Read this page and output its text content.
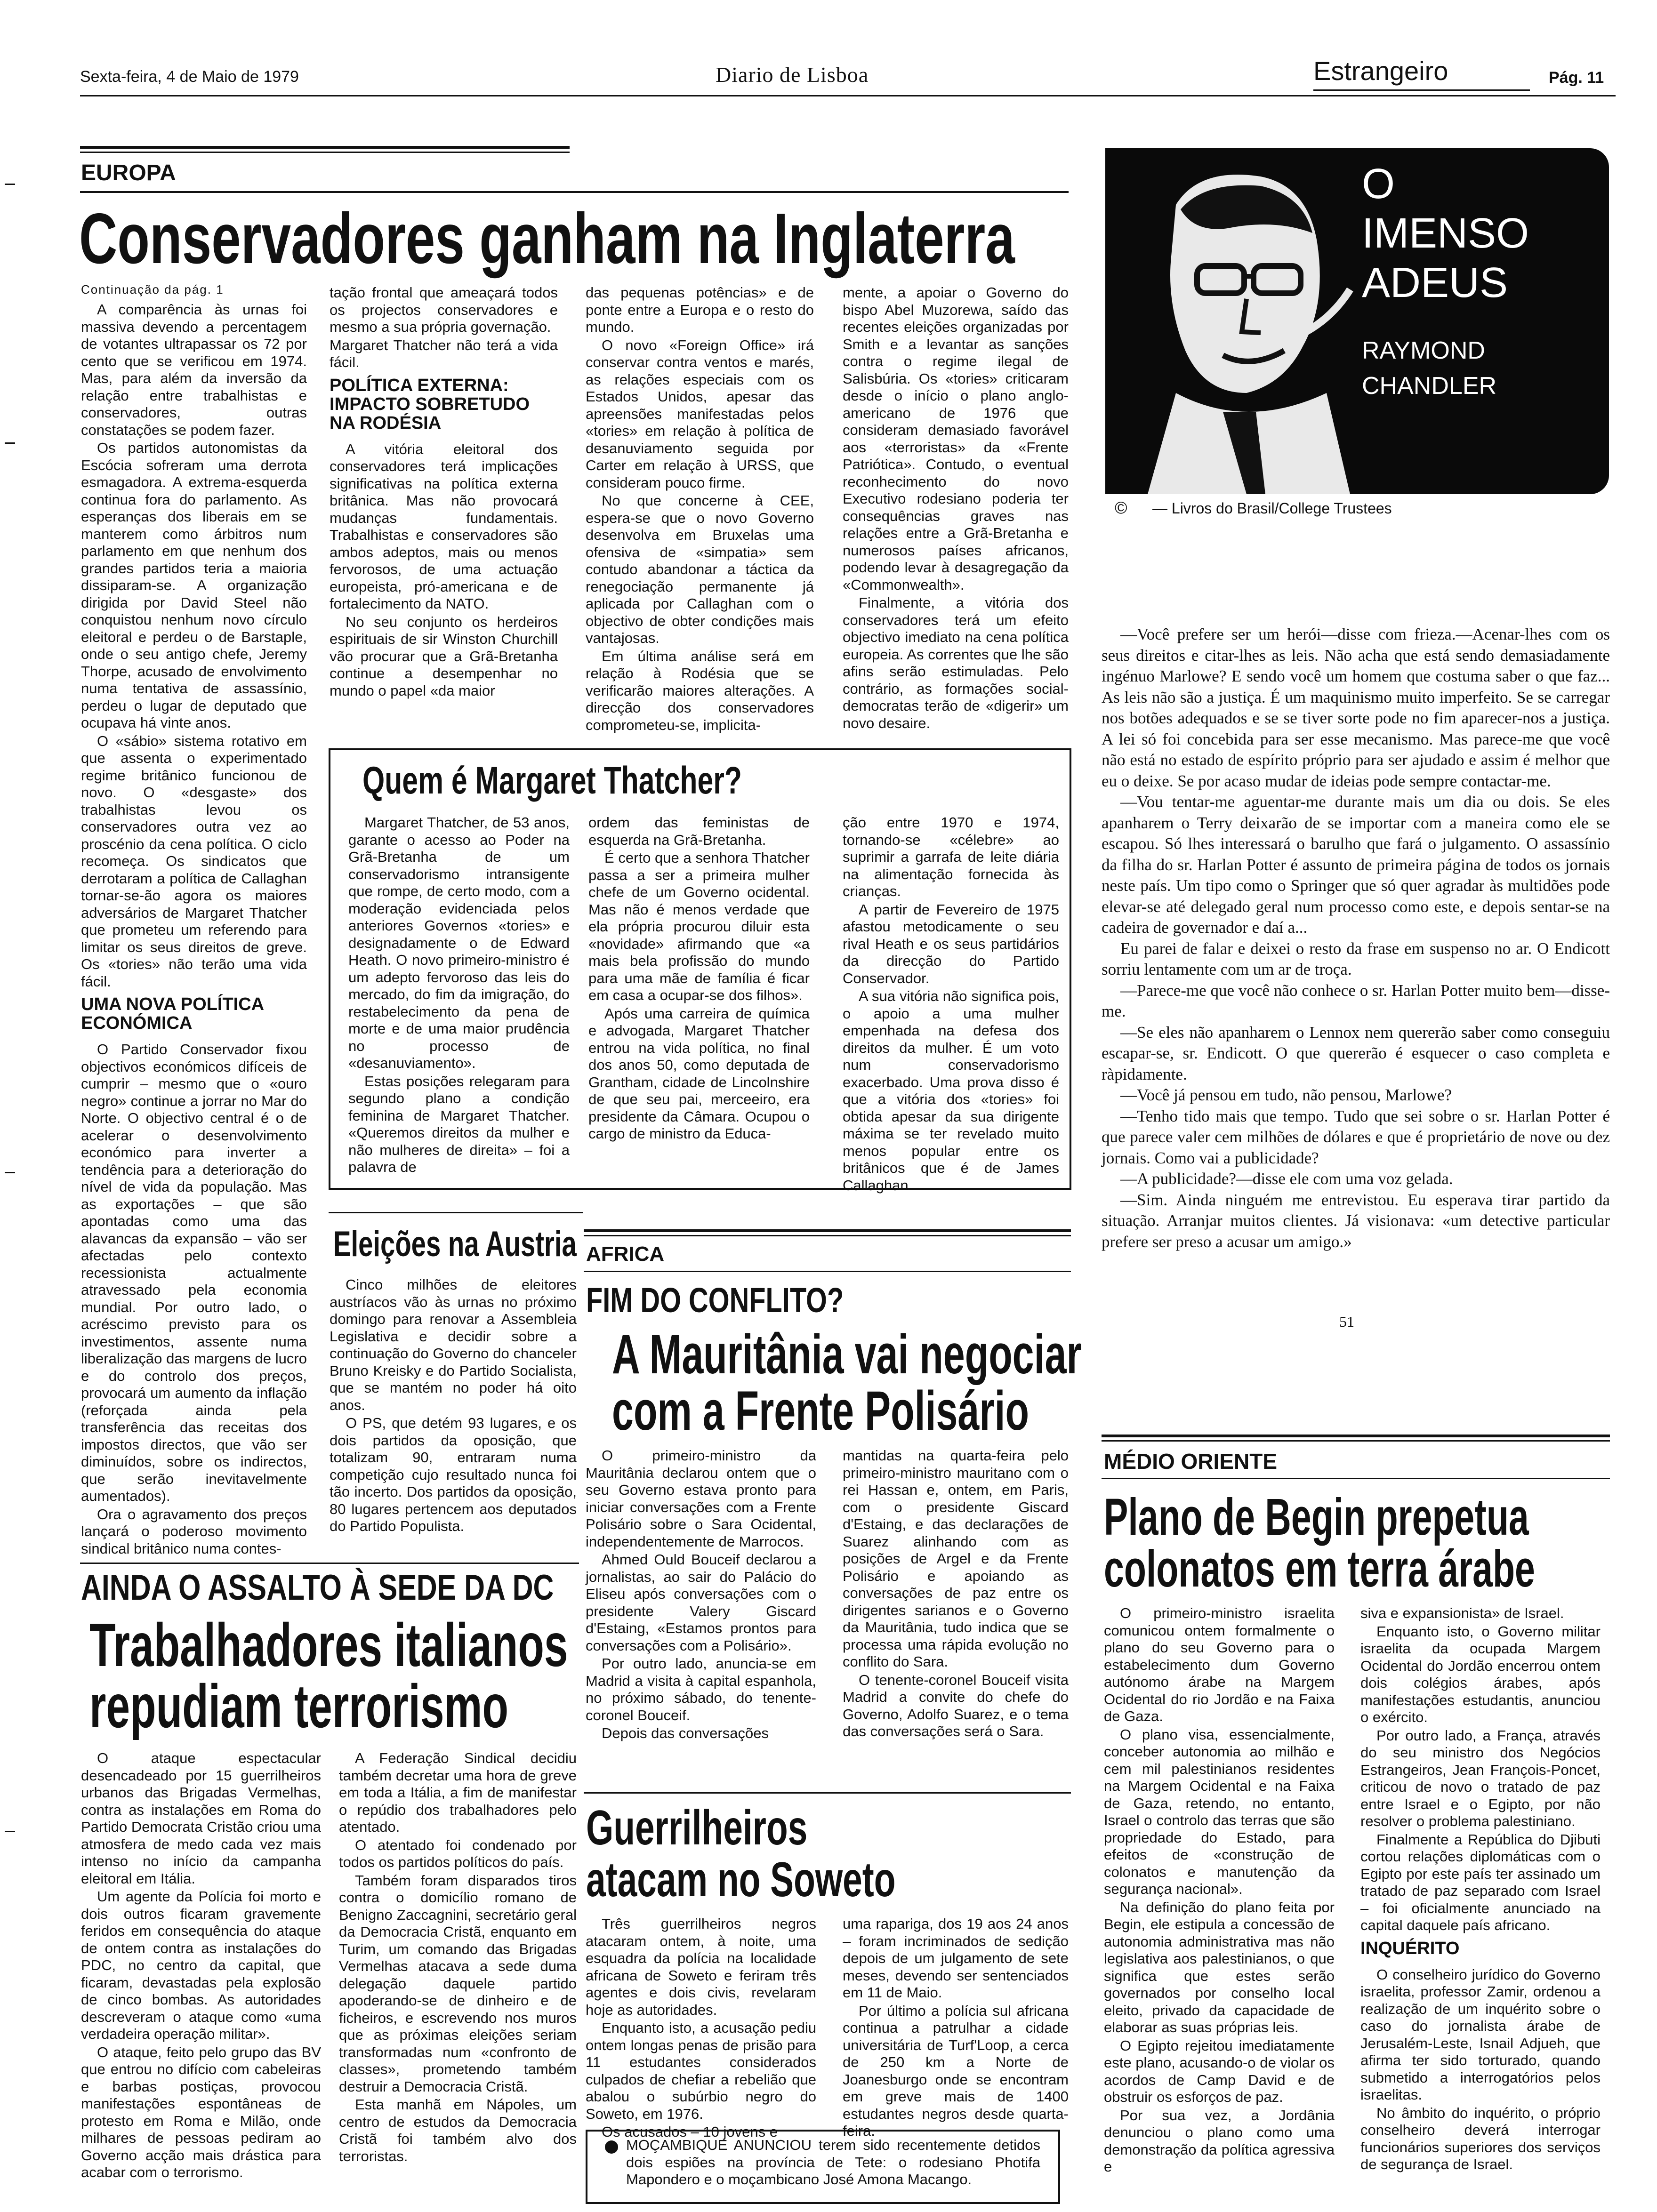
Sexta-feira, 4 de Maio de 1979	Diario de Lisboa	Estrangeiro	Pág. 11
EUROPA
Conservadores ganham na Inglaterra
Continuação da pág. 1

A comparência às urnas foi massiva devendo a percentagem de votantes ultrapassar os 72 por cento que se verificou em 1974. Mas, para além da inversão da relação entre trabalhistas e conservadores, outras constatações se podem fazer.

Os partidos autonomistas da Escócia sofreram uma derrota esmagadora. A extrema-esquerda continua fora do parlamento. As esperanças dos liberais em se manterem como árbitros num parlamento em que nenhum dos grandes partidos teria a maioria dissiparam-se. A organização dirigida por David Steel não conquistou nenhum novo círculo eleitoral e perdeu o de Barstaple, onde o seu antigo chefe, Jeremy Thorpe, acusado de envolvimento numa tentativa de assassínio, perdeu o lugar de deputado que ocupava há vinte anos.

O «sábio» sistema rotativo em que assenta o experimentado regime britânico funcionou de novo. O «desgaste» dos trabalhistas levou os conservadores outra vez ao proscénio da cena política. O ciclo recomeça. Os sindicatos que derrotaram a política de Callaghan tornar-se-ão agora os maiores adversários de Margaret Thatcher que prometeu um referendo para limitar os seus direitos de greve. Os «tories» não terão uma vida fácil.

UMA NOVA POLÍTICA ECONÓMICA

O Partido Conservador fixou objectivos económicos difíceis de cumprir – mesmo que o «ouro negro» continue a jorrar no Mar do Norte. O objectivo central é o de acelerar o desenvolvimento económico para inverter a tendência para a deterioração do nível de vida da população. Mas as exportações – que são apontadas como uma das alavancas da expansão – vão ser afectadas pelo contexto recessionista actualmente atravessado pela economia mundial. Por outro lado, o acréscimo previsto para os investimentos, assente numa liberalização das margens de lucro e do controlo dos preços, provocará um aumento da inflação (reforçada ainda pela transferência das receitas dos impostos directos, que vão ser diminuídos, sobre os indirectos, que serão inevitavelmente aumentados).

Ora o agravamento dos preços lançará o poderoso movimento sindical britânico numa contes-

tação frontal que ameaçará todos os projectos conservadores e mesmo a sua própria governação.

Margaret Thatcher não terá a vida fácil.

POLÍTICA EXTERNA: IMPACTO SOBRETUDO NA RODÉSIA

A vitória eleitoral dos conservadores terá implicações significativas na política externa britânica. Mas não provocará mudanças fundamentais. Trabalhistas e conservadores são ambos adeptos, mais ou menos fervorosos, de uma actuação europeista, pró-americana e de fortalecimento da NATO.

No seu conjunto os herdeiros espirituais de sir Winston Churchill vão procurar que a Grã-Bretanha continue a desempenhar no mundo o papel «da maior

das pequenas potências» e de ponte entre a Europa e o resto do mundo.

O novo «Foreign Office» irá conservar contra ventos e marés, as relações especiais com os Estados Unidos, apesar das apreensões manifestadas pelos «tories» em relação à política de desanuviamento seguida por Carter em relação à URSS, que consideram pouco firme.

No que concerne à CEE, espera-se que o novo Governo desenvolva em Bruxelas uma ofensiva de «simpatia» sem contudo abandonar a táctica da renegociação permanente já aplicada por Callaghan com o objectivo de obter condições mais vantajosas.

Em última análise será em relação à Rodésia que se verificarão maiores alterações. A direcção dos conservadores comprometeu-se, implicita-

mente, a apoiar o Governo do bispo Abel Muzorewa, saído das recentes eleições organizadas por Smith e a levantar as sanções contra o regime ilegal de Salisbúria. Os «tories» criticaram desde o início o plano anglo-americano de 1976 que consideram demasiado favorável aos «terroristas» da «Frente Patriótica». Contudo, o eventual reconhecimento do novo Executivo rodesiano poderia ter consequências graves nas relações entre a Grã-Bretanha e numerosos países africanos, podendo levar à desagregação da «Commonwealth».

Finalmente, a vitória dos conservadores terá um efeito objectivo imediato na cena política europeia. As correntes que lhe são afins serão estimuladas. Pelo contrário, as formações social-democratas terão de «digerir» um novo desaire.

Quem é Margaret Thatcher?

Margaret Thatcher, de 53 anos, garante o acesso ao Poder na Grã-Bretanha de um conservadorismo intransigente que rompe, de certo modo, com a moderação evidenciada pelos anteriores Governos «tories» e designadamente o de Edward Heath. O novo primeiro-ministro é um adepto fervoroso das leis do mercado, do fim da imigração, do restabelecimento da pena de morte e de uma maior prudência no processo de «desanuviamento».

Estas posições relegaram para segundo plano a condição feminina de Margaret Thatcher. «Queremos direitos da mulher e não mulheres de direita» – foi a palavra de

ordem das feministas de esquerda na Grã-Bretanha.

É certo que a senhora Thatcher passa a ser a primeira mulher chefe de um Governo ocidental. Mas não é menos verdade que ela própria procurou diluir esta «novidade» afirmando que «a mais bela profissão do mundo para uma mãe de família é ficar em casa a ocupar-se dos filhos».

Após uma carreira de química e advogada, Margaret Thatcher entrou na vida política, no final dos anos 50, como deputada de Grantham, cidade de Lincolnshire de que seu pai, merceeiro, era presidente da Câmara. Ocupou o cargo de ministro da Educa-

ção entre 1970 e 1974, tornando-se «célebre» ao suprimir a garrafa de leite diária na alimentação fornecida às crianças.

A partir de Fevereiro de 1975 afastou metodicamente o seu rival Heath e os seus partidários da direcção do Partido Conservador.

A sua vitória não significa pois, o apoio a uma mulher empenhada na defesa dos direitos da mulher. É um voto num conservadorismo exacerbado. Uma prova disso é que a vitória dos «tories» foi obtida apesar da sua dirigente máxima se ter revelado muito menos popular entre os britânicos que é de James Callaghan.

O
IMENSO
ADEUS
RAYMOND
CHANDLER
© — Livros do Brasil/College Trustees

—Você prefere ser um herói—disse com frieza.—Acenar-lhes com os seus direitos e citar-lhes as leis. Não acha que está sendo demasiadamente ingénuo Marlowe? E sendo você um homem que costuma saber o que faz... As leis não são a justiça. É um maquinismo muito imperfeito. Se se carregar nos botões adequados e se se tiver sorte pode no fim aparecer-nos a justiça. A lei só foi concebida para ser esse mecanismo. Mas parece-me que você não está no estado de espírito próprio para ser ajudado e assim é melhor que eu o deixe. Se por acaso mudar de ideias pode sempre contactar-me.

—Vou tentar-me aguentar-me durante mais um dia ou dois. Se eles apanharem o Terry deixarão de se importar com a maneira como ele se escapou. Só lhes interessará o barulho que fará o julgamento. O assassínio da filha do sr. Harlan Potter é assunto de primeira página de todos os jornais neste país. Um tipo como o Springer que só quer agradar às multidões pode elevar-se até delegado geral num processo como este, e depois sentar-se na cadeira de governador e daí a...

Eu parei de falar e deixei o resto da frase em suspenso no ar. O Endicott sorriu lentamente com um ar de troça.

—Parece-me que você não conhece o sr. Harlan Potter muito bem—disse-me.

—Se eles não apanharem o Lennox nem quererão saber como conseguiu escapar-se, sr. Endicott. O que quererão é esquecer o caso completa e ràpidamente.

—Você já pensou em tudo, não pensou, Marlowe?

—Tenho tido mais que tempo. Tudo que sei sobre o sr. Harlan Potter é que parece valer cem milhões de dólares e que é proprietário de nove ou dez jornais. Como vai a publicidade?

—A publicidade?—disse ele com uma voz gelada.

—Sim. Ainda ninguém me entrevistou. Eu esperava tirar partido da situação. Arranjar muitos clientes. Já visionava: «um detective particular prefere ser preso a acusar um amigo.»

51
Eleições na Austria

Cinco milhões de eleitores austríacos vão às urnas no próximo domingo para renovar a Assembleia Legislativa e decidir sobre a continuação do Governo do chanceler Bruno Kreisky e do Partido Socialista, que se mantém no poder há oito anos.

O PS, que detém 93 lugares, e os dois partidos da oposição, que totalizam 90, entraram numa competição cujo resultado nunca foi tão incerto. Dos partidos da oposição, 80 lugares pertencem aos deputados do Partido Populista.

AFRICA
FIM DO CONFLITO?
A Mauritânia vai negociar
com a Frente Polisário

O primeiro-ministro da Mauritânia declarou ontem que o seu Governo estava pronto para iniciar conversações com a Frente Polisário sobre o Sara Ocidental, independentemente de Marrocos.

Ahmed Ould Bouceif declarou a jornalistas, ao sair do Palácio do Eliseu após conversações com o presidente Valery Giscard d'Estaing, «Estamos prontos para conversações com a Polisário».

Por outro lado, anuncia-se em Madrid a visita à capital espanhola, no próximo sábado, do tenente-coronel Bouceif.

Depois das conversações

mantidas na quarta-feira pelo primeiro-ministro mauritano com o rei Hassan e, ontem, em Paris, com o presidente Giscard d'Estaing, e das declarações de Suarez alinhando com as posições de Argel e da Frente Polisário e apoiando as conversações de paz entre os dirigentes sarianos e o Governo da Mauritânia, tudo indica que se processa uma rápida evolução no conflito do Sara.

O tenente-coronel Bouceif visita Madrid a convite do chefe do Governo, Adolfo Suarez, e o tema das conversações será o Sara.

AINDA O ASSALTO À SEDE DA DC
Trabalhadores italianos
repudiam terrorismo

O ataque espectacular desencadeado por 15 guerrilheiros urbanos das Brigadas Vermelhas, contra as instalações em Roma do Partido Democrata Cristão criou uma atmosfera de medo cada vez mais intenso no início da campanha eleitoral em Itália.

Um agente da Polícia foi morto e dois outros ficaram gravemente feridos em consequência do ataque de ontem contra as instalações do PDC, no centro da capital, que ficaram, devastadas pela explosão de cinco bombas. As autoridades descreveram o ataque como «uma verdadeira operação militar».

O ataque, feito pelo grupo das BV que entrou no difício com cabeleiras e barbas postiças, provocou manifestações espontâneas de protesto em Roma e Milão, onde milhares de pessoas pediram ao Governo acção mais drástica para acabar com o terrorismo.

A Federação Sindical decidiu também decretar uma hora de greve em toda a Itália, a fim de manifestar o repúdio dos trabalhadores pelo atentado.

O atentado foi condenado por todos os partidos políticos do país.

Também foram disparados tiros contra o domicílio romano de Benigno Zaccagnini, secretário geral da Democracia Cristã, enquanto em Turim, um comando das Brigadas Vermelhas atacava a sede duma delegação daquele partido apoderando-se de dinheiro e de ficheiros, e escrevendo nos muros que as próximas eleições seriam transformadas num «confronto de classes», prometendo também destruir a Democracia Cristã.

Esta manhã em Nápoles, um centro de estudos da Democracia Cristã foi também alvo dos terroristas.

Guerrilheiros
atacam no Soweto

Três guerrilheiros negros atacaram ontem, à noite, uma esquadra da polícia na localidade africana de Soweto e feriram três agentes e dois civis, revelaram hoje as autoridades.

Enquanto isto, a acusação pediu ontem longas penas de prisão para 11 estudantes considerados culpados de chefiar a rebelião que abalou o subúrbio negro do Soweto, em 1976.

Os acusados – 10 jovens e

uma rapariga, dos 19 aos 24 anos – foram incriminados de sedição depois de um julgamento de sete meses, devendo ser sentenciados em 11 de Maio.

Por último a polícia sul africana continua a patrulhar a cidade universitária de Turf'Loop, a cerca de 250 km a Norte de Joanesburgo onde se encontram em greve mais de 1400 estudantes negros desde quarta-feira.

MOÇAMBIQUE ANUNCIOU terem sido recentemente detidos dois espiões na província de Tete: o rodesiano Photifa Mapondero e o moçambicano José Amona Macango.

MÉDIO ORIENTE
Plano de Begin prepetua
colonatos em terra árabe

O primeiro-ministro israelita comunicou ontem formalmente o plano do seu Governo para o estabelecimento dum Governo autónomo árabe na Margem Ocidental do rio Jordão e na Faixa de Gaza.

O plano visa, essencialmente, conceber autonomia ao milhão e cem mil palestinianos residentes na Margem Ocidental e na Faixa de Gaza, retendo, no entanto, Israel o controlo das terras que são propriedade do Estado, para efeitos de «construção de colonatos e manutenção da segurança nacional».

Na definição do plano feita por Begin, ele estipula a concessão de autonomia administrativa mas não legislativa aos palestinianos, o que significa que estes serão governados por conselho local eleito, privado da capacidade de elaborar as suas próprias leis.

O Egipto rejeitou imediatamente este plano, acusando-o de violar os acordos de Camp David e de obstruir os esforços de paz.

Por sua vez, a Jordânia denunciou o plano como uma demonstração da política agressiva e

siva e expansionista» de Israel.

Enquanto isto, o Governo militar israelita da ocupada Margem Ocidental do Jordão encerrou ontem dois colégios árabes, após manifestações estudantis, anunciou o exército.

Por outro lado, a França, através do seu ministro dos Negócios Estrangeiros, Jean François-Poncet, criticou de novo o tratado de paz entre Israel e o Egipto, por não resolver o problema palestiniano.

Finalmente a República do Djibuti cortou relações diplomáticas com o Egipto por este país ter assinado um tratado de paz separado com Israel – foi oficialmente anunciado na capital daquele país africano.

INQUÉRITO

O conselheiro jurídico do Governo israelita, professor Zamir, ordenou a realização de um inquérito sobre o caso do jornalista árabe de Jerusalém-Leste, Isnail Adjueh, que afirma ter sido torturado, quando submetido a interrogatórios pelos israelitas.

No âmbito do inquérito, o próprio conselheiro deverá interrogar funcionários superiores dos serviços de segurança de Israel.
